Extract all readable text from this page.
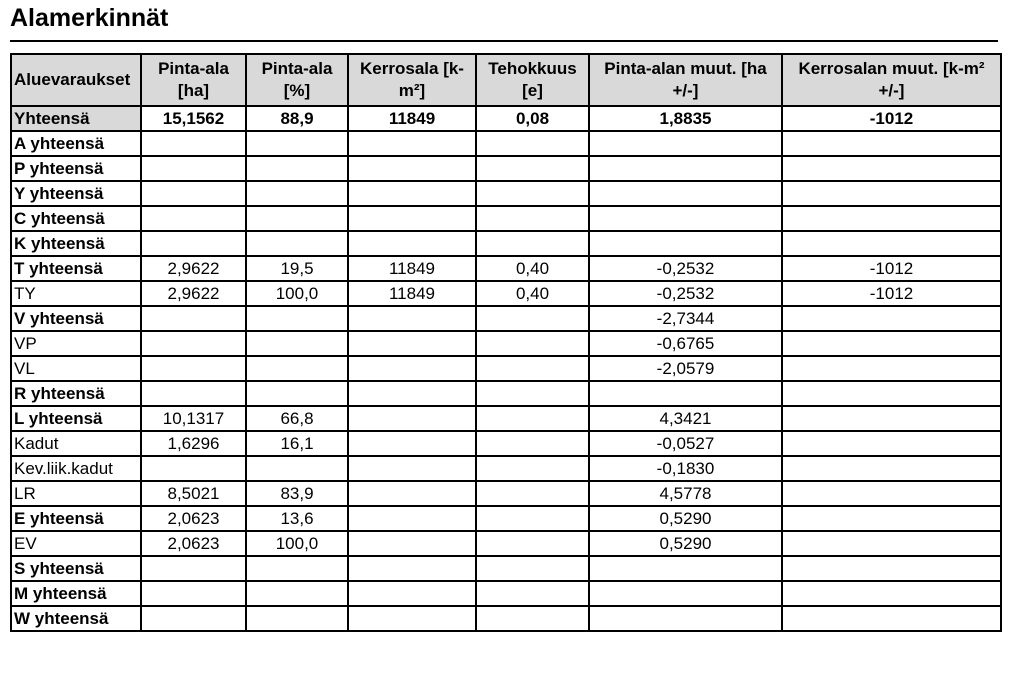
Alamerkinnät
Aluevaraukset	Pinta-ala [ha]	Pinta-ala [%]	Kerrosala [k-m²]	Tehokkuus [e]	Pinta-alan muut. [ha +/-]	Kerrosalan muut. [k-m² +/-]
Yhteensä	15,1562	88,9	11849	0,08	1,8835	-1012
A yhteensä						
P yhteensä						
Y yhteensä						
C yhteensä						
K yhteensä						
T yhteensä	2,9622	19,5	11849	0,40	-0,2532	-1012
TY	2,9622	100,0	11849	0,40	-0,2532	-1012
V yhteensä					-2,7344	
VP					-0,6765	
VL					-2,0579	
R yhteensä						
L yhteensä	10,1317	66,8			4,3421	
Kadut	1,6296	16,1			-0,0527	
Kev.liik.kadut					-0,1830	
LR	8,5021	83,9			4,5778	
E yhteensä	2,0623	13,6			0,5290	
EV	2,0623	100,0			0,5290	
S yhteensä						
M yhteensä						
W yhteensä						
